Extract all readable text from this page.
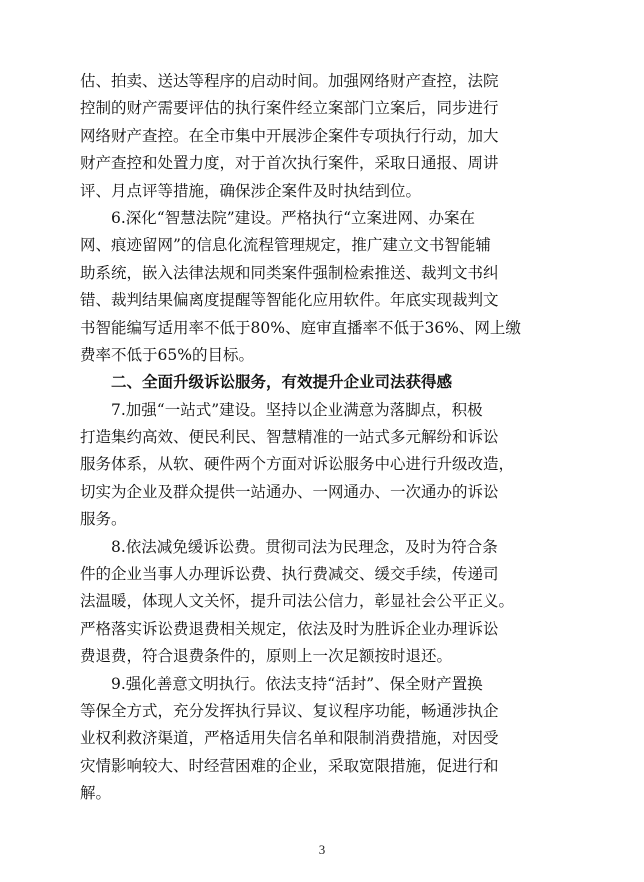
估、拍卖、送达等程序的启动时间。加强网络财产查控，法院
控制的财产需要评估的执行案件经立案部门立案后，同步进行
网络财产查控。在全市集中开展涉企案件专项执行行动，加大
财产查控和处置力度，对于首次执行案件，采取日通报、周讲
评、月点评等措施，确保涉企案件及时执结到位。
6.深化“智慧法院”建设。严格执行“立案进网、办案在
网、痕迹留网”的信息化流程管理规定，推广建立文书智能辅
助系统，嵌入法律法规和同类案件强制检索推送、裁判文书纠
错、裁判结果偏离度提醒等智能化应用软件。年底实现裁判文
书智能编写适用率不低于80%、庭审直播率不低于36%、网上缴
费率不低于65%的目标。
二、全面升级诉讼服务，有效提升企业司法获得感
7.加强“一站式”建设。坚持以企业满意为落脚点，积极
打造集约高效、便民利民、智慧精准的一站式多元解纷和诉讼
服务体系，从软、硬件两个方面对诉讼服务中心进行升级改造，
切实为企业及群众提供一站通办、一网通办、一次通办的诉讼
服务。
8.依法减免缓诉讼费。贯彻司法为民理念，及时为符合条
件的企业当事人办理诉讼费、执行费减交、缓交手续，传递司
法温暖，体现人文关怀，提升司法公信力，彰显社会公平正义。
严格落实诉讼费退费相关规定，依法及时为胜诉企业办理诉讼
费退费，符合退费条件的，原则上一次足额按时退还。
9.强化善意文明执行。依法支持“活封”、保全财产置换
等保全方式，充分发挥执行异议、复议程序功能，畅通涉执企
业权利救济渠道，严格适用失信名单和限制消费措施，对因受
灾情影响较大、时经营困难的企业，采取宽限措施，促进行和
解。
3
